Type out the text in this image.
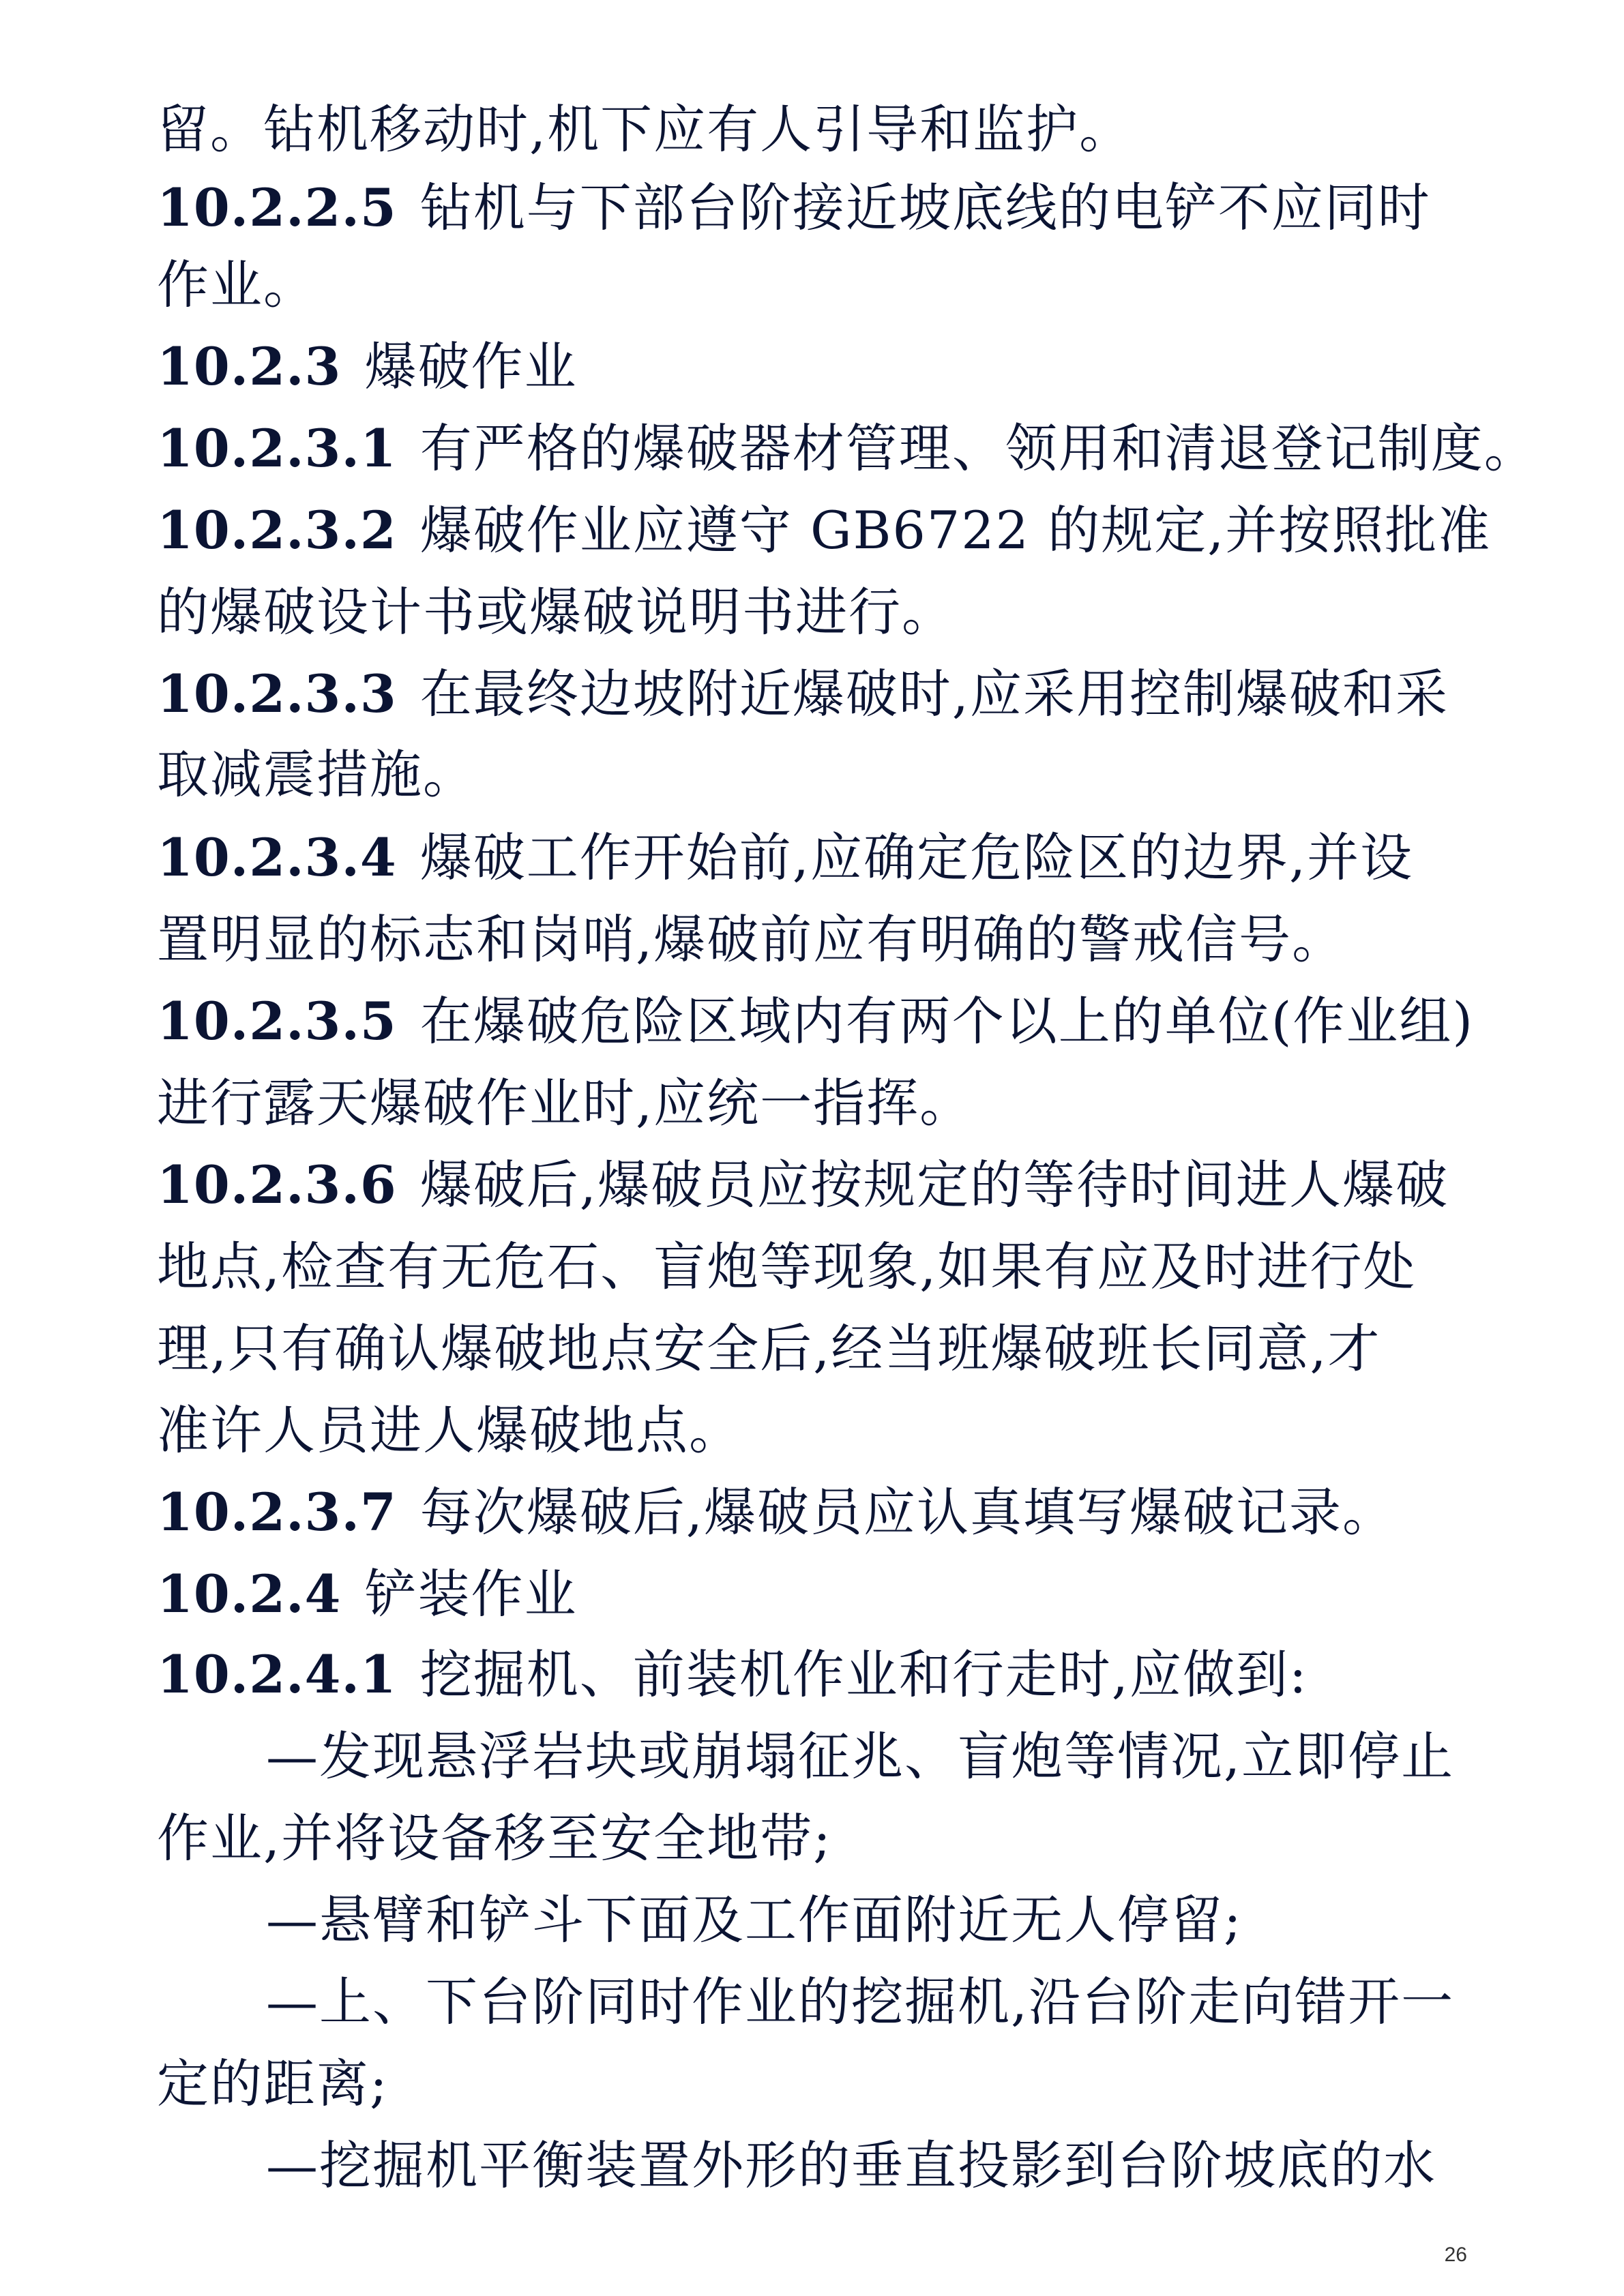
留。钻机移动时,机下应有人引导和监护。
10.2.2.5 钻机与下部台阶接近坡底线的电铲不应同时
作业。
10.2.3 爆破作业
10.2.3.1 有严格的爆破器材管理、领用和清退登记制度。
10.2.3.2 爆破作业应遵守 GB6722 的规定,并按照批准
的爆破设计书或爆破说明书进行。
10.2.3.3 在最终边坡附近爆破时,应采用控制爆破和采
取减震措施。
10.2.3.4 爆破工作开始前,应确定危险区的边界,并设
置明显的标志和岗哨,爆破前应有明确的警戒信号。
10.2.3.5 在爆破危险区域内有两个以上的单位(作业组)
进行露天爆破作业时,应统一指挥。
10.2.3.6 爆破后,爆破员应按规定的等待时间进人爆破
地点,检查有无危石、盲炮等现象,如果有应及时进行处
理,只有确认爆破地点安全后,经当班爆破班长同意,才
准许人员进人爆破地点。
10.2.3.7 每次爆破后,爆破员应认真填写爆破记录。
10.2.4 铲装作业
10.2.4.1 挖掘机、前装机作业和行走时,应做到:
—发现悬浮岩块或崩塌征兆、盲炮等情况,立即停止
作业,并将设备移至安全地带;
—悬臂和铲斗下面及工作面附近无人停留;
—上、下台阶同时作业的挖掘机,沿台阶走向错开一
定的距离;
—挖掘机平衡装置外形的垂直投影到台阶坡底的水
26
